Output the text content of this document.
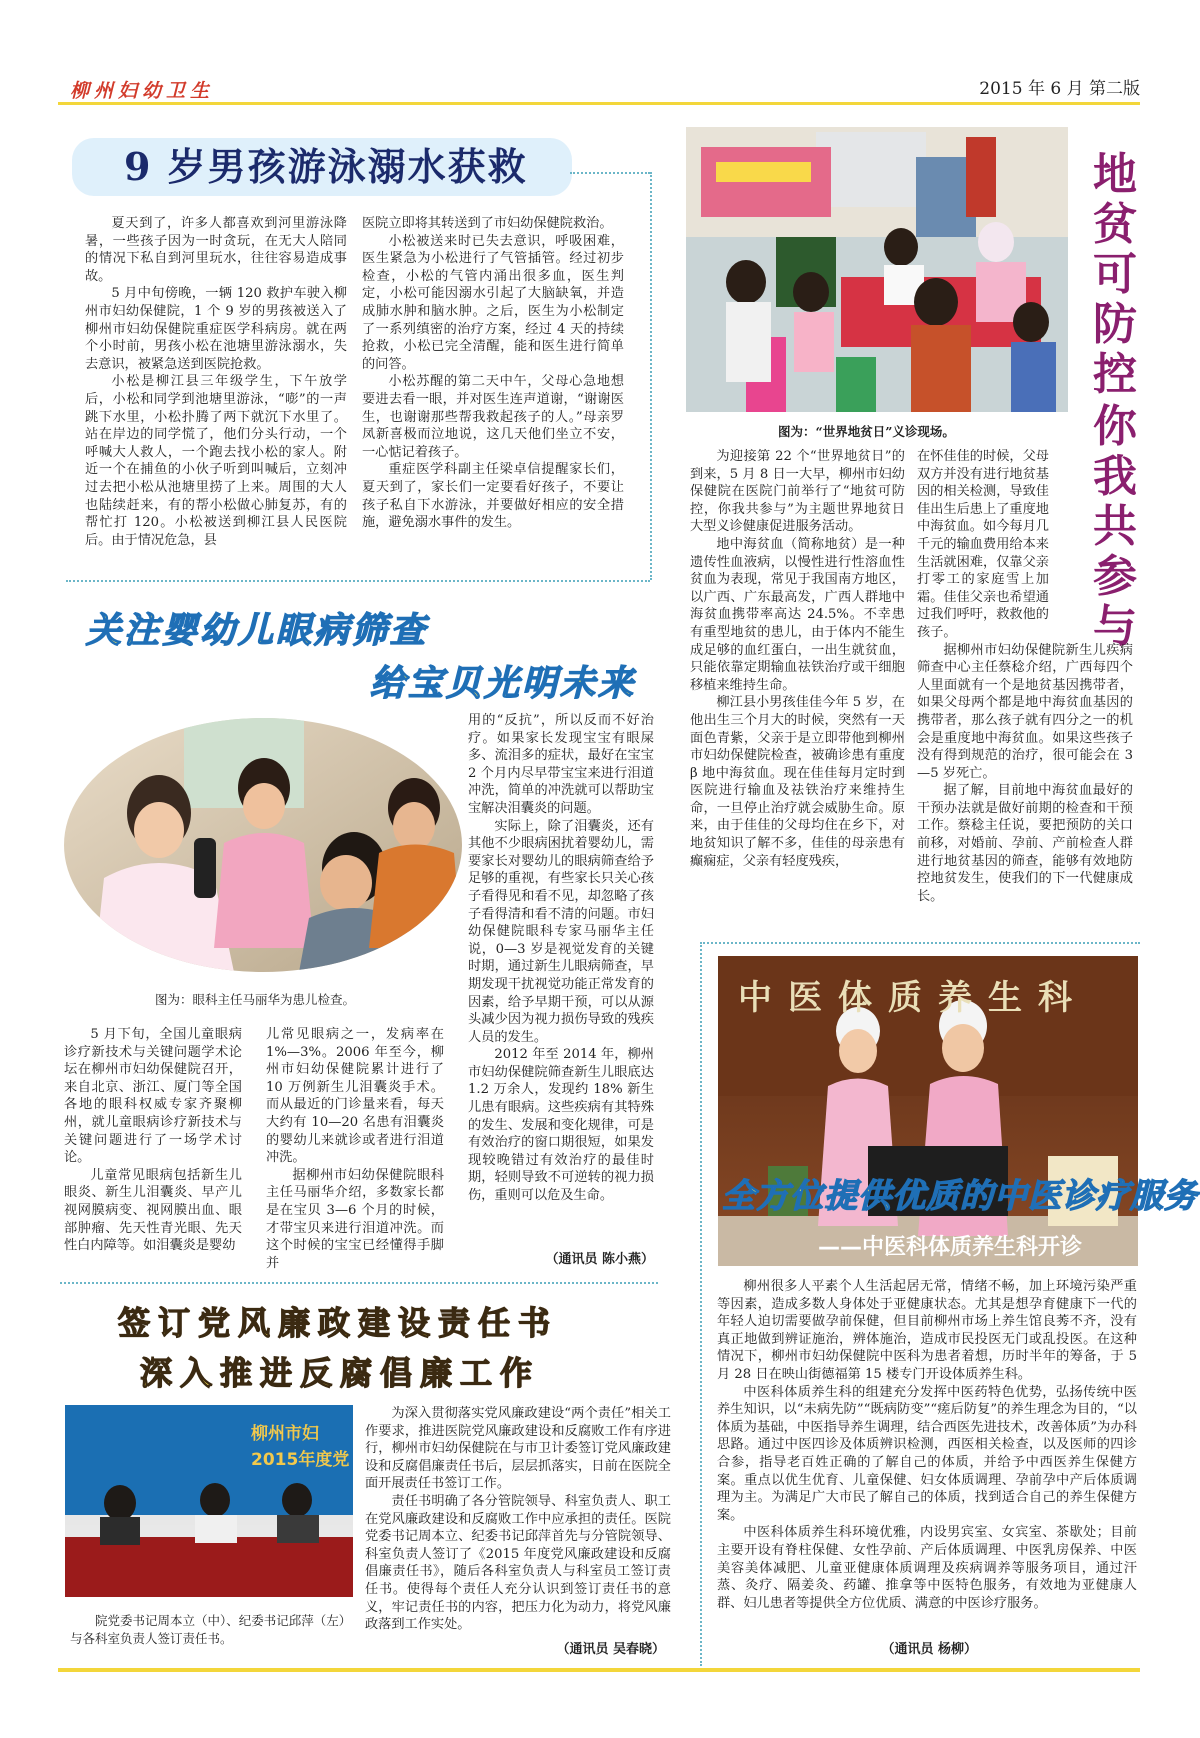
柳州妇幼卫生	2015 年 6 月 第二版
9 岁男孩游泳溺水获救

夏天到了，许多人都喜欢到河里游泳降暑，一些孩子因为一时贪玩，在无大人陪同的情况下私自到河里玩水，往往容易造成事故。

5 月中旬傍晚，一辆 120 救护车驶入柳州市妇幼保健院，1 个 9 岁的男孩被送入了柳州市妇幼保健院重症医学科病房。就在两个小时前，男孩小松在池塘里游泳溺水，失去意识，被紧急送到医院抢救。

小松是柳江县三年级学生，下午放学后，小松和同学到池塘里游泳，“嘭”的一声跳下水里，小松扑腾了两下就沉下水里了。站在岸边的同学慌了，他们分头行动，一个呼喊大人救人，一个跑去找小松的家人。附近一个在捕鱼的小伙子听到叫喊后，立刻冲过去把小松从池塘里捞了上来。周围的大人也陆续赶来，有的帮小松做心肺复苏，有的帮忙打 120。小松被送到柳江县人民医院后。由于情况危急，县

医院立即将其转送到了市妇幼保健院救治。

小松被送来时已失去意识，呼吸困难，医生紧急为小松进行了气管插管。经过初步检查，小松的气管内涌出很多血，医生判定，小松可能因溺水引起了大脑缺氧，并造成肺水肿和脑水肿。之后，医生为小松制定了一系列缜密的治疗方案，经过 4 天的持续抢救，小松已完全清醒，能和医生进行简单的问答。

小松苏醒的第二天中午，父母心急地想要进去看一眼，并对医生连声道谢，“谢谢医生，也谢谢那些帮我救起孩子的人。”母亲罗凤新喜极而泣地说，这几天他们坐立不安，一心惦记着孩子。

重症医学科副主任梁卓信提醒家长们，夏天到了，家长们一定要看好孩子，不要让孩子私自下水游泳，并要做好相应的安全措施，避免溺水事件的发生。

关注婴幼儿眼病筛查
给宝贝光明未来
图为：眼科主任马丽华为患儿检查。

5 月下旬，全国儿童眼病诊疗新技术与关键问题学术论坛在柳州市妇幼保健院召开，来自北京、浙江、厦门等全国各地的眼科权威专家齐聚柳州，就儿童眼病诊疗新技术与关键问题进行了一场学术讨论。

儿童常见眼病包括新生儿眼炎、新生儿泪囊炎、早产儿视网膜病变、视网膜出血、眼部肿瘤、先天性青光眼、先天性白内障等。如泪囊炎是婴幼

儿常见眼病之一，发病率在 1%—3%。2006 年至今，柳州市妇幼保健院累计进行了 10 万例新生儿泪囊炎手术。而从最近的门诊量来看，每天大约有 10—20 名患有泪囊炎的婴幼儿来就诊或者进行泪道冲洗。

据柳州市妇幼保健院眼科主任马丽华介绍，多数家长都是在宝贝 3—6 个月的时候，才带宝贝来进行泪道冲洗。而这个时候的宝宝已经懂得手脚并

用的“反抗”，所以反而不好治疗。如果家长发现宝宝有眼屎多、流泪多的症状，最好在宝宝 2 个月内尽早带宝宝来进行泪道冲洗，简单的冲洗就可以帮助宝宝解决泪囊炎的问题。

实际上，除了泪囊炎，还有其他不少眼病困扰着婴幼儿，需要家长对婴幼儿的眼病筛查给予足够的重视，有些家长只关心孩子看得见和看不见，却忽略了孩子看得清和看不清的问题。市妇幼保健院眼科专家马丽华主任说，0—3 岁是视觉发育的关键时期，通过新生儿眼病筛查，早期发现干扰视觉功能正常发育的因素，给予早期干预，可以从源头减少因为视力损伤导致的残疾人员的发生。

2012 年至 2014 年，柳州市妇幼保健院筛查新生儿眼底达 1.2 万余人，发现约 18% 新生儿患有眼病。这些疾病有其特殊的发生、发展和变化规律，可是有效治疗的窗口期很短，如果发现较晚错过有效治疗的最佳时期，轻则导致不可逆转的视力损伤，重则可以危及生命。

（通讯员 陈小燕）
图为：“世界地贫日”义诊现场。
地贫可防控
你我共参与

为迎接第 22 个“世界地贫日”的到来，5 月 8 日一大早，柳州市妇幼保健院在医院门前举行了“地贫可防控，你我共参与”为主题世界地贫日大型义诊健康促进服务活动。

地中海贫血（简称地贫）是一种遗传性血液病，以慢性进行性溶血性贫血为表现，常见于我国南方地区，以广西、广东最高发，广西人群地中海贫血携带率高达 24.5%。不幸患有重型地贫的患儿，由于体内不能生成足够的血红蛋白，一出生就贫血，只能依靠定期输血祛铁治疗或干细胞移植来维持生命。

柳江县小男孩佳佳今年 5 岁，在他出生三个月大的时候，突然有一天面色青紫，父亲于是立即带他到柳州市妇幼保健院检查，被确诊患有重度 β 地中海贫血。现在佳佳每月定时到医院进行输血及祛铁治疗来维持生命，一旦停止治疗就会威胁生命。原来，由于佳佳的父母均住在乡下，对地贫知识了解不多，佳佳的母亲患有癫痫症，父亲有轻度残疾，

在怀佳佳的时候，父母双方并没有进行地贫基因的相关检测，导致佳佳出生后患上了重度地中海贫血。如今每月几千元的输血费用给本来生活就困难，仅靠父亲打零工的家庭雪上加霜。佳佳父亲也希望通过我们呼吁，救救他的孩子。

据柳州市妇幼保健院新生儿疾病筛查中心主任蔡稔介绍，广西每四个人里面就有一个是地贫基因携带者，如果父母两个都是地中海贫血基因的携带者，那么孩子就有四分之一的机会是重度地中海贫血。如果这些孩子没有得到规范的治疗，很可能会在 3—5 岁死亡。

据了解，目前地中海贫血最好的干预办法就是做好前期的检查和干预工作。蔡稔主任说，要把预防的关口前移，对婚前、孕前、产前检查人群进行地贫基因的筛查，能够有效地防控地贫发生，使我们的下一代健康成长。

中医体质养生科
全方位提供优质的中医诊疗服务
——中医科体质养生科开诊

柳州很多人平素个人生活起居无常，情绪不畅，加上环境污染严重等因素，造成多数人身体处于亚健康状态。尤其是想孕育健康下一代的年轻人迫切需要做孕前保健，但目前柳州市场上养生馆良莠不齐，没有真正地做到辨证施治，辨体施治，造成市民投医无门或乱投医。在这种情况下，柳州市妇幼保健院中医科为患者着想，历时半年的筹备，于 5 月 28 日在映山街德福第 15 楼专门开设体质养生科。

中医科体质养生科的组建充分发挥中医药特色优势，弘扬传统中医养生知识，以“未病先防”“既病防变”“瘥后防复”的养生理念为目的，“以体质为基础，中医指导养生调理，结合西医先进技术，改善体质”为办科思路。通过中医四诊及体质辨识检测，西医相关检查，以及医师的四诊合参，指导老百姓正确的了解自己的体质，并给予中西医养生保健方案。重点以优生优育、儿童保健、妇女体质调理、孕前孕中产后体质调理为主。为满足广大市民了解自己的体质，找到适合自己的养生保健方案。

中医科体质养生科环境优雅，内设男宾室、女宾室、茶歇处；目前主要开设有脊柱保健、女性孕前、产后体质调理、中医乳房保养、中医美容美体减肥、儿童亚健康体质调理及疾病调养等服务项目，通过汗蒸、灸疗、隔姜灸、药罐、推拿等中医特色服务，有效地为亚健康人群、妇儿患者等提供全方位优质、满意的中医诊疗服务。

（通讯员 杨柳）
签订党风廉政建设责任书
深入推进反腐倡廉工作
柳州市妇
2015年度党
院党委书记周本立（中）、纪委书记邱萍（左）与各科室负责人签订责任书。

为深入贯彻落实党风廉政建设“两个责任”相关工作要求，推进医院党风廉政建设和反腐败工作有序进行，柳州市妇幼保健院在与市卫计委签订党风廉政建设和反腐倡廉责任书后，层层抓落实，日前在医院全面开展责任书签订工作。

责任书明确了各分管院领导、科室负责人、职工在党风廉政建设和反腐败工作中应承担的责任。医院党委书记周本立、纪委书记邱萍首先与分管院领导、科室负责人签订了《2015 年度党风廉政建设和反腐倡廉责任书》，随后各科室负责人与科室员工签订责任书。使得每个责任人充分认识到签订责任书的意义，牢记责任书的内容，把压力化为动力，将党风廉政落到工作实处。

（通讯员 吴春晓）
